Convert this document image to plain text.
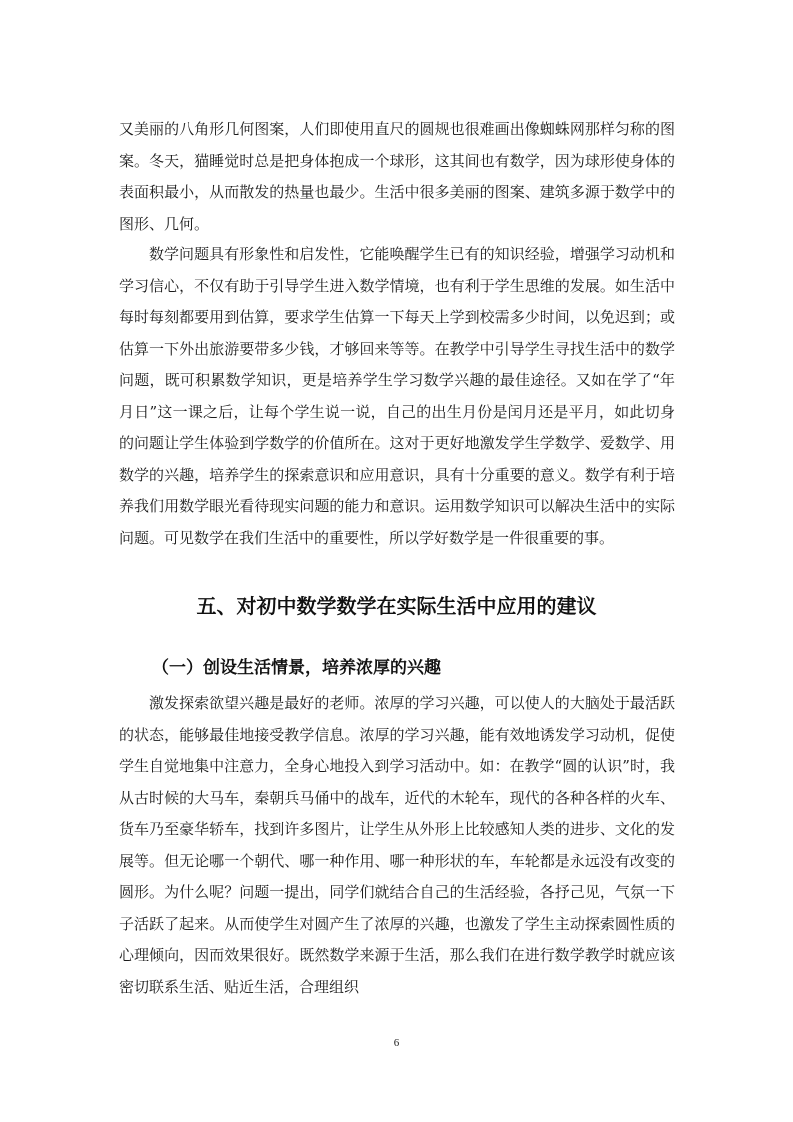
又美丽的八角形几何图案，人们即使用直尺的圆规也很难画出像蜘蛛网那样匀称的图案。冬天，猫睡觉时总是把身体抱成一个球形，这其间也有数学，因为球形使身体的表面积最小，从而散发的热量也最少。生活中很多美丽的图案、建筑多源于数学中的图形、几何。

数学问题具有形象性和启发性，它能唤醒学生已有的知识经验，增强学习动机和学习信心，不仅有助于引导学生进入数学情境，也有利于学生思维的发展。如生活中每时每刻都要用到估算，要求学生估算一下每天上学到校需多少时间，以免迟到；或估算一下外出旅游要带多少钱，才够回来等等。在教学中引导学生寻找生活中的数学问题，既可积累数学知识，更是培养学生学习数学兴趣的最佳途径。又如在学了“年月日”这一课之后，让每个学生说一说，自己的出生月份是闰月还是平月，如此切身的问题让学生体验到学数学的价值所在。这对于更好地激发学生学数学、爱数学、用数学的兴趣，培养学生的探索意识和应用意识，具有十分重要的意义。数学有利于培养我们用数学眼光看待现实问题的能力和意识。运用数学知识可以解决生活中的实际问题。可见数学在我们生活中的重要性，所以学好数学是一件很重要的事。

五、对初中数学数学在实际生活中应用的建议
（一）创设生活情景，培养浓厚的兴趣

激发探索欲望兴趣是最好的老师。浓厚的学习兴趣，可以使人的大脑处于最活跃的状态，能够最佳地接受教学信息。浓厚的学习兴趣，能有效地诱发学习动机，促使学生自觉地集中注意力，全身心地投入到学习活动中。如：在教学“圆的认识”时，我从古时候的大马车，秦朝兵马俑中的战车，近代的木轮车，现代的各种各样的火车、货车乃至豪华轿车，找到许多图片，让学生从外形上比较感知人类的进步、文化的发展等。但无论哪一个朝代、哪一种作用、哪一种形状的车，车轮都是永远没有改变的圆形。为什么呢？问题一提出，同学们就结合自己的生活经验，各抒己见，气氛一下子活跃了起来。从而使学生对圆产生了浓厚的兴趣，也激发了学生主动探索圆性质的心理倾向，因而效果很好。既然数学来源于生活，那么我们在进行数学教学时就应该密切联系生活、贴近生活，合理组织

6
